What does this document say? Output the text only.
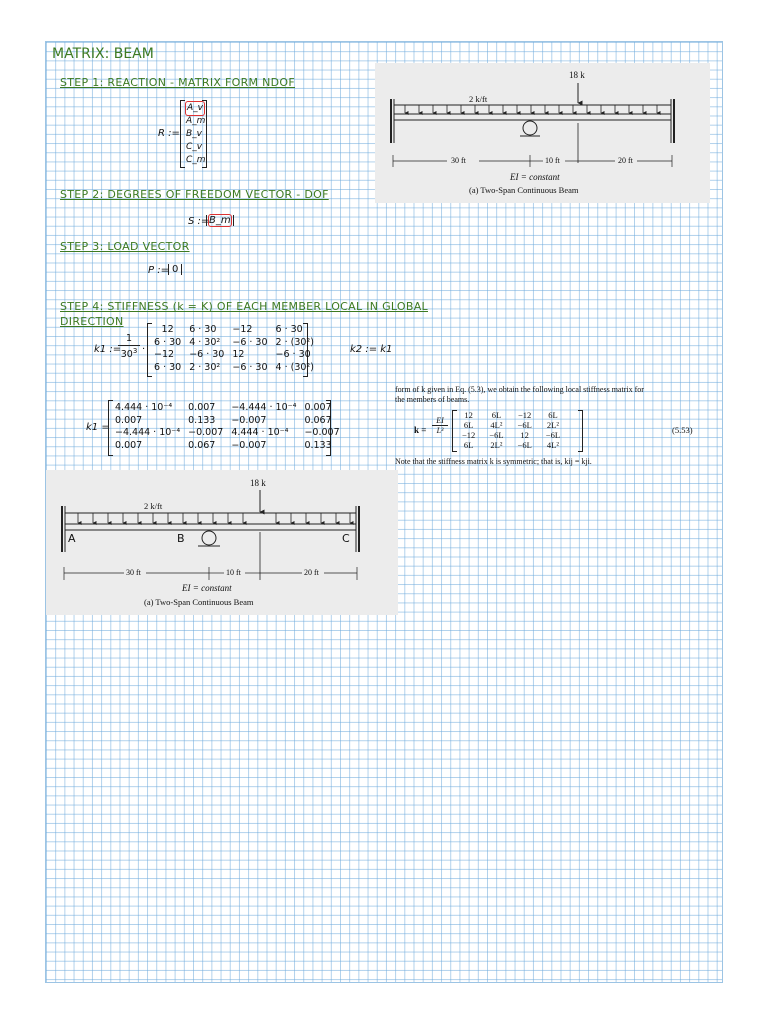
MATRIX: BEAM
STEP 1: REACTION - MATRIX FORM NDOF
STEP 2: DEGREES OF FREEDOM VECTOR - DOF
STEP 3: LOAD VECTOR
STEP 4: STIFFNESS (k = K) OF EACH MEMBER LOCAL IN GLOBAL
DIRECTION
R :=
A_v
A_m
B_v
C_v
C_m
S := B_m
P := 0
k1 :=
$\frac{1}{30^3}$ ·
12	6 · 30	−12	6 · 30
6 · 30	4 · 30²	−6 · 30	2 · (30²)
−12	−6 · 30	12	−6 · 30
6 · 30	2 · 30²	−6 · 30	4 · (30²)
k2 := k1
k1 =
4.444 · 10⁻⁴	0.007	−4.444 · 10⁻⁴	0.007
0.007	0.133	−0.007	0.067
−4.444 · 10⁻⁴	−0.007	4.444 · 10⁻⁴	−0.007
0.007	0.067	−0.007	0.133
18 k
2 k/ft
30 ft	10 ft	20 ft
EI = constant
(a) Two-Span Continuous Beam
form of k given in Eq. (5.3), we obtain the following local stiffness matrix for
the members of beams.
$k = \frac{EI}{\text{L³}}$
12	6L	−12	6L
6L	4L²	−6L	2L²
−12	−6L	12	−6L
6L	2L²	−6L	4L²
(5.53)
Note that the stiffness matrix k is symmetric; that is, kij = kji.
18 k
2 k/ft
A	B	C
30 ft	10 ft	20 ft
EI = constant
(a) Two-Span Continuous Beam
